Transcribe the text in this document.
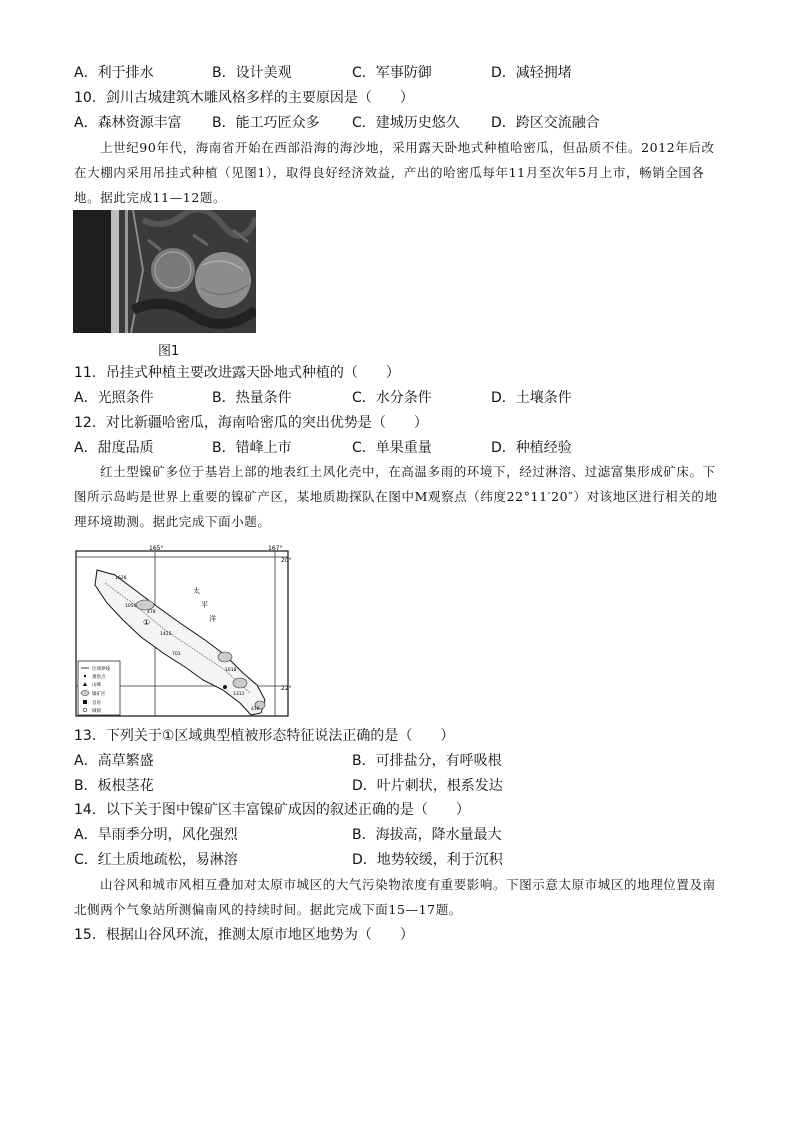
A．利于排水	B．设计美观	C．军事防御	D．减轻拥堵
10．剑川古城建筑木雕风格多样的主要原因是（　　）
A．森林资源丰富 B．能工巧匠众多 C．建城历史悠久 D．跨区交流融合
上世纪90年代，海南省开始在西部沿海的海沙地，采用露天卧地式种植哈密瓜，但品质不佳。2012年后改在大棚内采用吊挂式种植（见图1），取得良好经济效益，产出的哈密瓜每年11月至次年5月上市，畅销全国各地。据此完成11—12题。
图1
11．吊挂式种植主要改进露天卧地式种植的（　　）
A．光照条件	B．热量条件	C．水分条件	D．土壤条件
12．对比新疆哈密瓜，海南哈密瓜的突出优势是（　　）
A．甜度品质	B．错峰上市	C．单果重量	D．种植经验
红土型镍矿多位于基岩上部的地表红土风化壳中，在高温多雨的环境下，经过淋溶、过滤富集形成矿床。下图所示岛屿是世界上重要的镍矿产区，某地质勘探队在图中M观察点（纬度22°11′20″）对该地区进行相关的地理环境勘测。据此完成下面小题。
165°	167°
20°
22°
太
平
洋
1628
1050
1425
703
1618
478
1311
416
①
区域界线
观察点
山峰
镍矿区
首府
城镇
13．下列关于①区域典型植被形态特征说法正确的是（　　）
A．高草繁盛	B．可排盐分，有呼吸根
B．板根茎花	D．叶片刺状，根系发达
14．以下关于图中镍矿区丰富镍矿成因的叙述正确的是（　　）
A．旱雨季分明，风化强烈	B．海拔高，降水量最大
C．红土质地疏松，易淋溶	D．地势较缓，利于沉积
山谷风和城市风相互叠加对太原市城区的大气污染物浓度有重要影响。下图示意太原市城区的地理位置及南北侧两个气象站所测偏南风的持续时间。据此完成下面15—17题。
15．根据山谷风环流，推测太原市地区地势为（　　）
